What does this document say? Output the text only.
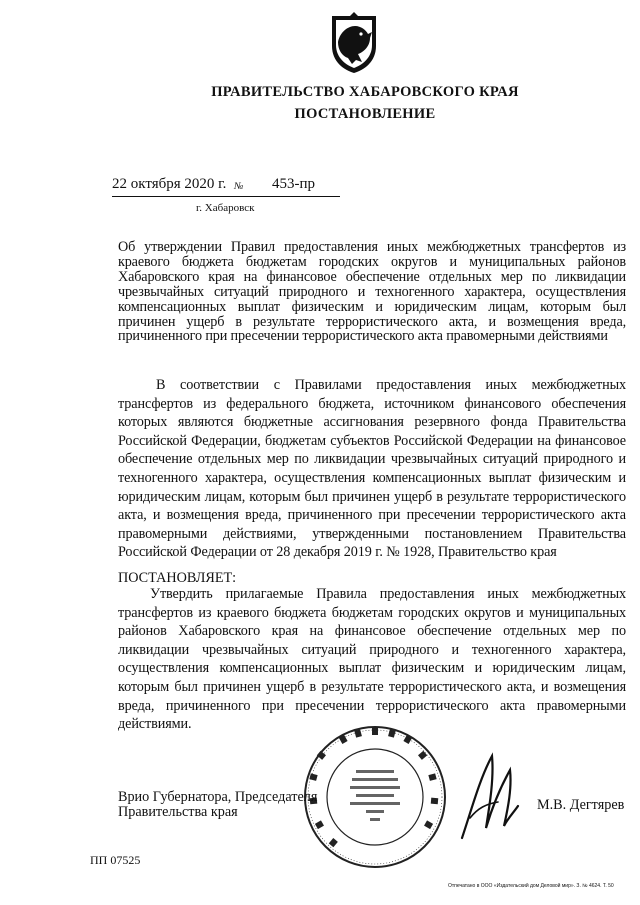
ПРАВИТЕЛЬСТВО ХАБАРОВСКОГО КРАЯ
ПОСТАНОВЛЕНИЕ
22 октября 2020 г. № 453-пр
г. Хабаровск
Об утверждении Правил предоставления иных межбюджетных трансфертов из краевого бюджета бюджетам городских округов и муниципальных районов Хабаровского края на финансовое обеспечение отдельных мер по ликвидации чрезвычайных ситуаций природного и техногенного характера, осуществления компенсационных выплат физическим и юридическим лицам, которым был причинен ущерб в результате террористического акта, и возмещения вреда, причиненного при пресечении террористического акта правомерными действиями
В соответствии с Правилами предоставления иных межбюджетных трансфертов из федерального бюджета, источником финансового обеспечения которых являются бюджетные ассигнования резервного фонда Правительства Российской Федерации, бюджетам субъектов Российской Федерации на финансовое обеспечение отдельных мер по ликвидации чрезвычайных ситуаций природного и техногенного характера, осуществления компенсационных выплат физическим и юридическим лицам, которым был причинен ущерб в результате террористического акта, и возмещения вреда, причиненного при пресечении террористического акта правомерными действиями, утвержденными постановлением Правительства Российской Федерации от 28 декабря 2019 г. № 1928, Правительство края
ПОСТАНОВЛЯЕТ:
Утвердить прилагаемые Правила предоставления иных межбюджетных трансфертов из краевого бюджета бюджетам городских округов и муниципальных районов Хабаровского края на финансовое обеспечение отдельных мер по ликвидации чрезвычайных ситуаций природного и техногенного характера, осуществления компенсационных выплат физическим и юридическим лицам, которым был причинен ущерб в результате террористического акта, и возмещения вреда, причиненного при пресечении террористического акта правомерными действиями.
Врио Губернатора, Председателя
Правительства края	М.В. Дегтярев
ПП 07525
Отпечатано в ООО «Издательский дом Деловой мир». З. № 4624. Т. 50
